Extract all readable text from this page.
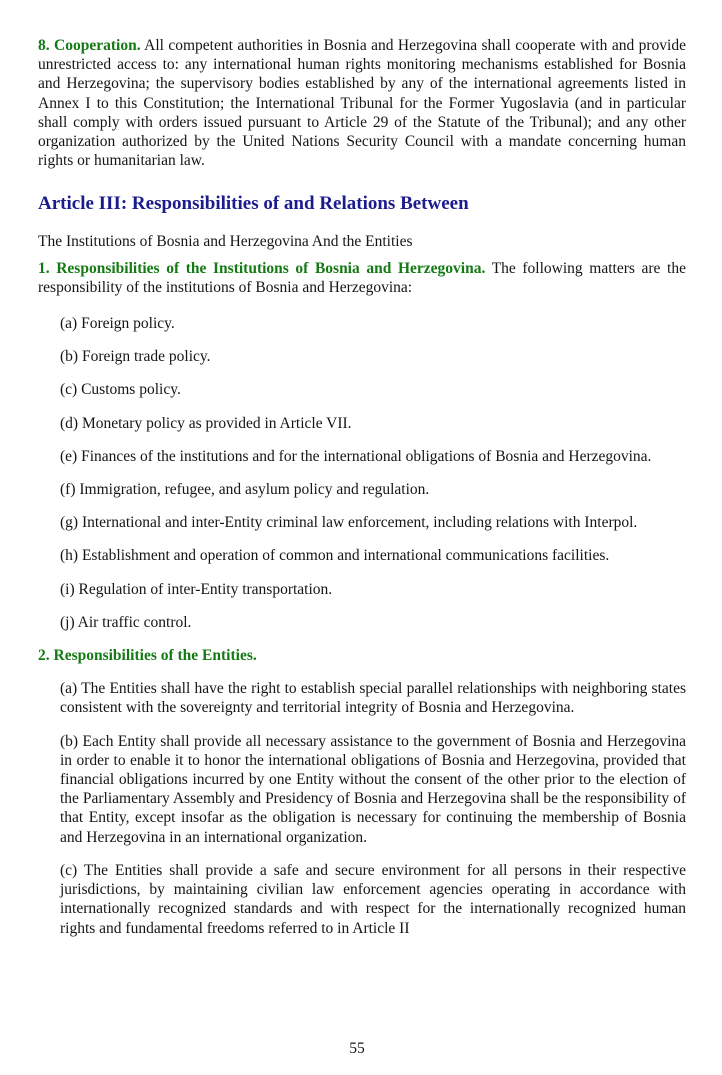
8. Cooperation. All competent authorities in Bosnia and Herzegovina shall cooperate with and provide unrestricted access to: any international human rights monitoring mechanisms established for Bosnia and Herzegovina; the supervisory bodies established by any of the international agreements listed in Annex I to this Constitution; the International Tribunal for the Former Yugoslavia (and in particular shall comply with orders issued pursuant to Article 29 of the Statute of the Tribunal); and any other organization authorized by the United Nations Security Council with a mandate concerning human rights or humanitarian law.

Article III: Responsibilities of and Relations Between

The Institutions of Bosnia and Herzegovina And the Entities

1. Responsibilities of the Institutions of Bosnia and Herzegovina. The following matters are the responsibility of the institutions of Bosnia and Herzegovina:

(a) Foreign policy.

(b) Foreign trade policy.

(c) Customs policy.

(d) Monetary policy as provided in Article VII.

(e) Finances of the institutions and for the international obligations of Bosnia and Herzegovina.

(f) Immigration, refugee, and asylum policy and regulation.

(g) International and inter-Entity criminal law enforcement, including relations with Interpol.

(h) Establishment and operation of common and international communications facilities.

(i) Regulation of inter-Entity transportation.

(j) Air traffic control.

2. Responsibilities of the Entities.

(a) The Entities shall have the right to establish special parallel relationships with neighboring states consistent with the sovereignty and territorial integrity of Bosnia and Herzegovina.

(b) Each Entity shall provide all necessary assistance to the government of Bosnia and Herzegovina in order to enable it to honor the international obligations of Bosnia and Herzegovina, provided that financial obligations incurred by one Entity without the consent of the other prior to the election of the Parliamentary Assembly and Presidency of Bosnia and Herzegovina shall be the responsibility of that Entity, except insofar as the obligation is necessary for continuing the membership of Bosnia and Herzegovina in an international organization.

(c) The Entities shall provide a safe and secure environment for all persons in their respective jurisdictions, by maintaining civilian law enforcement agencies operating in accordance with internationally recognized standards and with respect for the internationally recognized human rights and fundamental freedoms referred to in Article II

55
